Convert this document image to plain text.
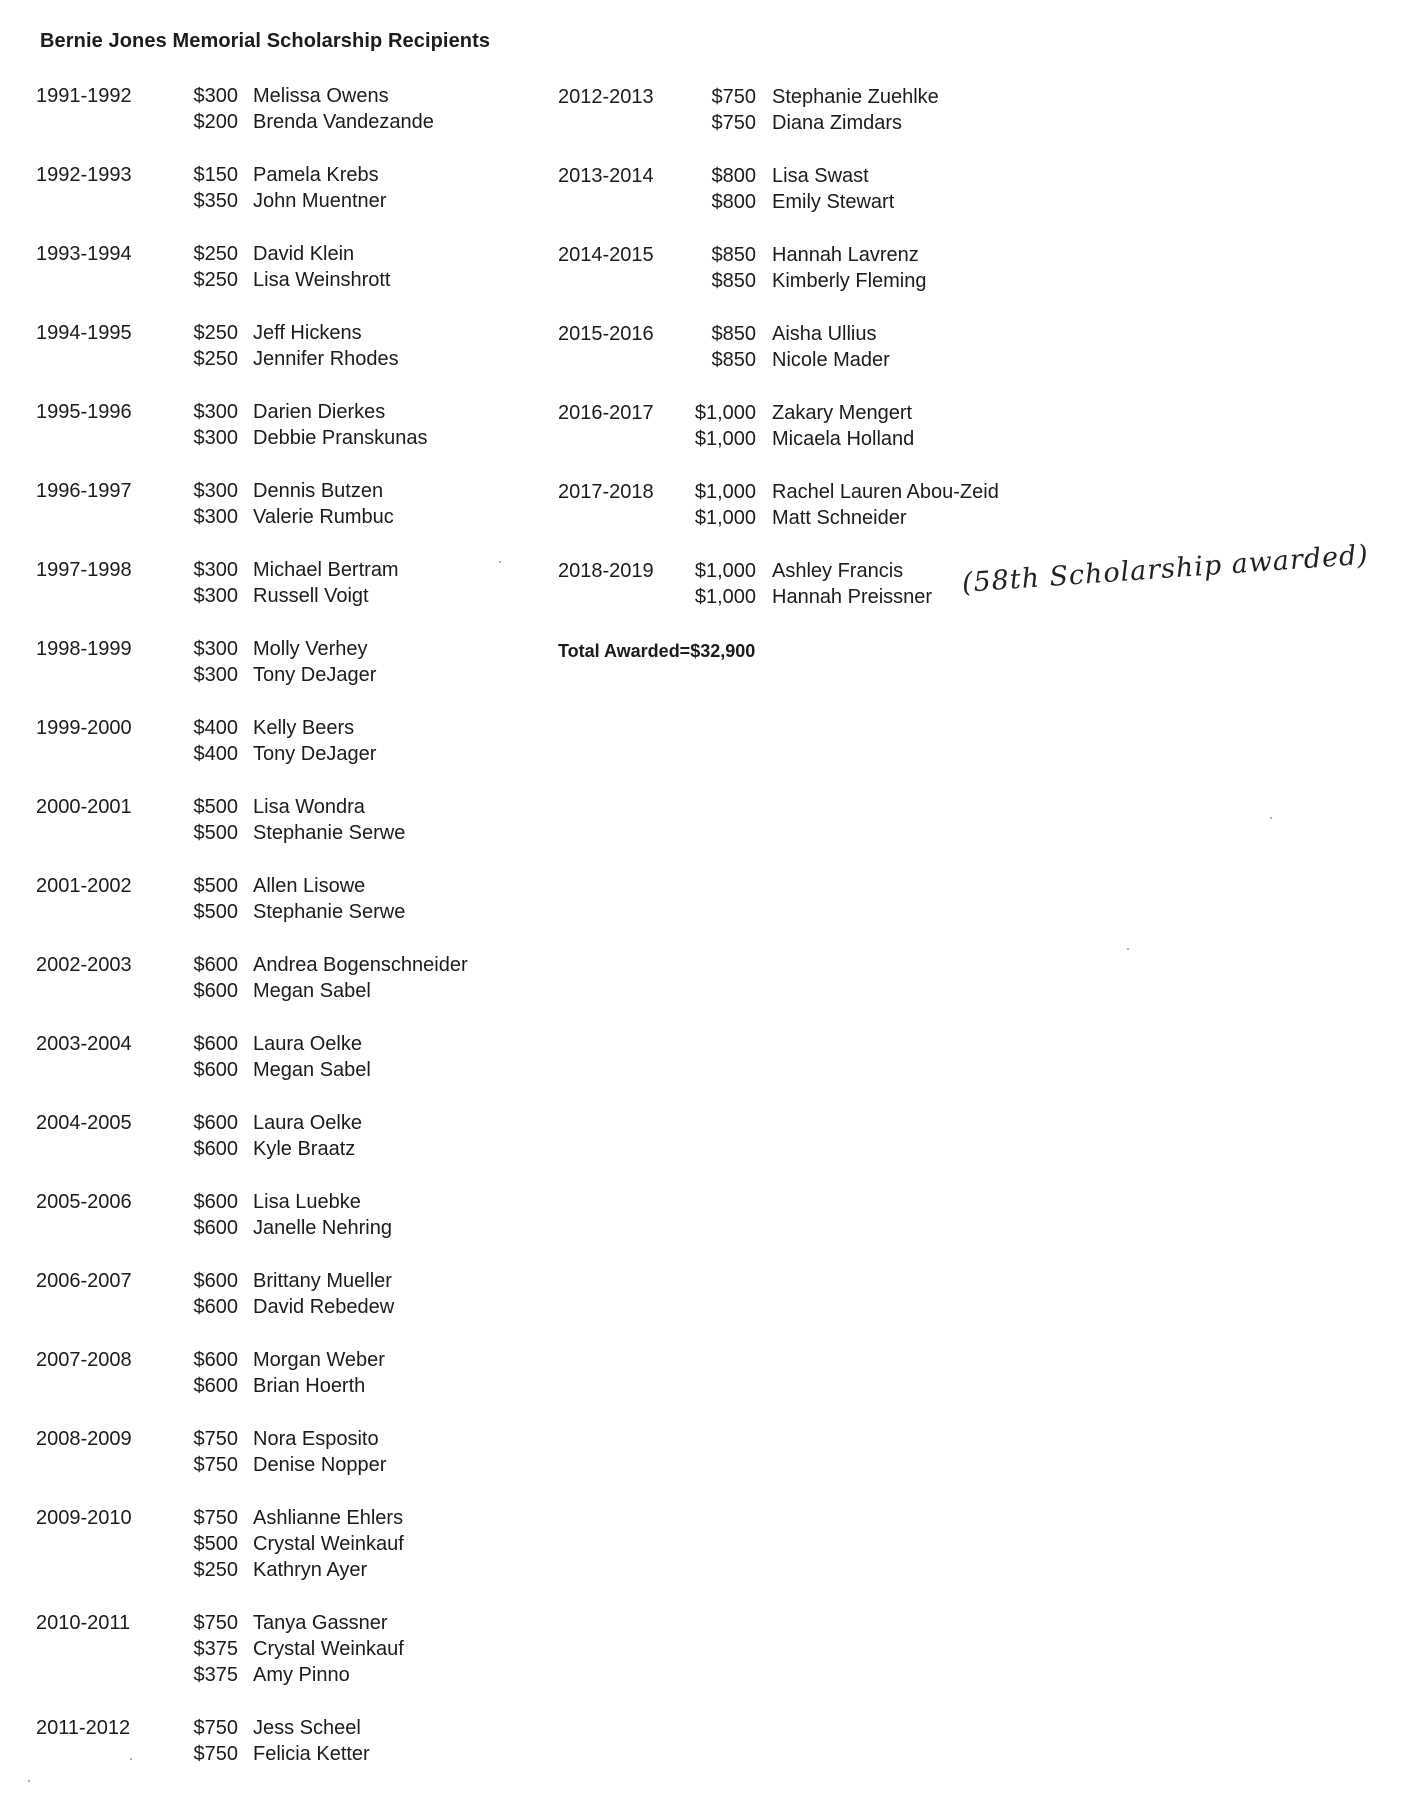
Bernie Jones Memorial Scholarship Recipients
1991-1992	$300 Melissa Owens
$200 Brenda Vandezande
1992-1993	$150 Pamela Krebs
$350 John Muentner
1993-1994	$250 David Klein
$250 Lisa Weinshrott
1994-1995	$250 Jeff Hickens
$250 Jennifer Rhodes
1995-1996	$300 Darien Dierkes
$300 Debbie Pranskunas
1996-1997	$300 Dennis Butzen
$300 Valerie Rumbuc
1997-1998	$300 Michael Bertram
$300 Russell Voigt
1998-1999	$300 Molly Verhey
$300 Tony DeJager
1999-2000	$400 Kelly Beers
$400 Tony DeJager
2000-2001	$500 Lisa Wondra
$500 Stephanie Serwe
2001-2002	$500 Allen Lisowe
$500 Stephanie Serwe
2002-2003	$600 Andrea Bogenschneider
$600 Megan Sabel
2003-2004	$600 Laura Oelke
$600 Megan Sabel
2004-2005	$600 Laura Oelke
$600 Kyle Braatz
2005-2006	$600 Lisa Luebke
$600 Janelle Nehring
2006-2007	$600 Brittany Mueller
$600 David Rebedew
2007-2008	$600 Morgan Weber
$600 Brian Hoerth
2008-2009	$750 Nora Esposito
$750 Denise Nopper
2009-2010	$750 Ashlianne Ehlers
$500 Crystal Weinkauf
$250 Kathryn Ayer
2010-2011	$750 Tanya Gassner
$375 Crystal Weinkauf
$375 Amy Pinno
2011-2012	$750 Jess Scheel
$750 Felicia Ketter
2012-2013	$750 Stephanie Zuehlke
$750 Diana Zimdars
2013-2014	$800 Lisa Swast
$800 Emily Stewart
2014-2015	$850 Hannah Lavrenz
$850 Kimberly Fleming
2015-2016	$850 Aisha Ullius
$850 Nicole Mader
2016-2017	$1,000 Zakary Mengert
$1,000 Micaela Holland
2017-2018	$1,000 Rachel Lauren Abou-Zeid
$1,000 Matt Schneider
2018-2019	$1,000 Ashley Francis
$1,000 Hannah Preissner
Total Awarded=$32,900
(58th Scholarship awarded)
